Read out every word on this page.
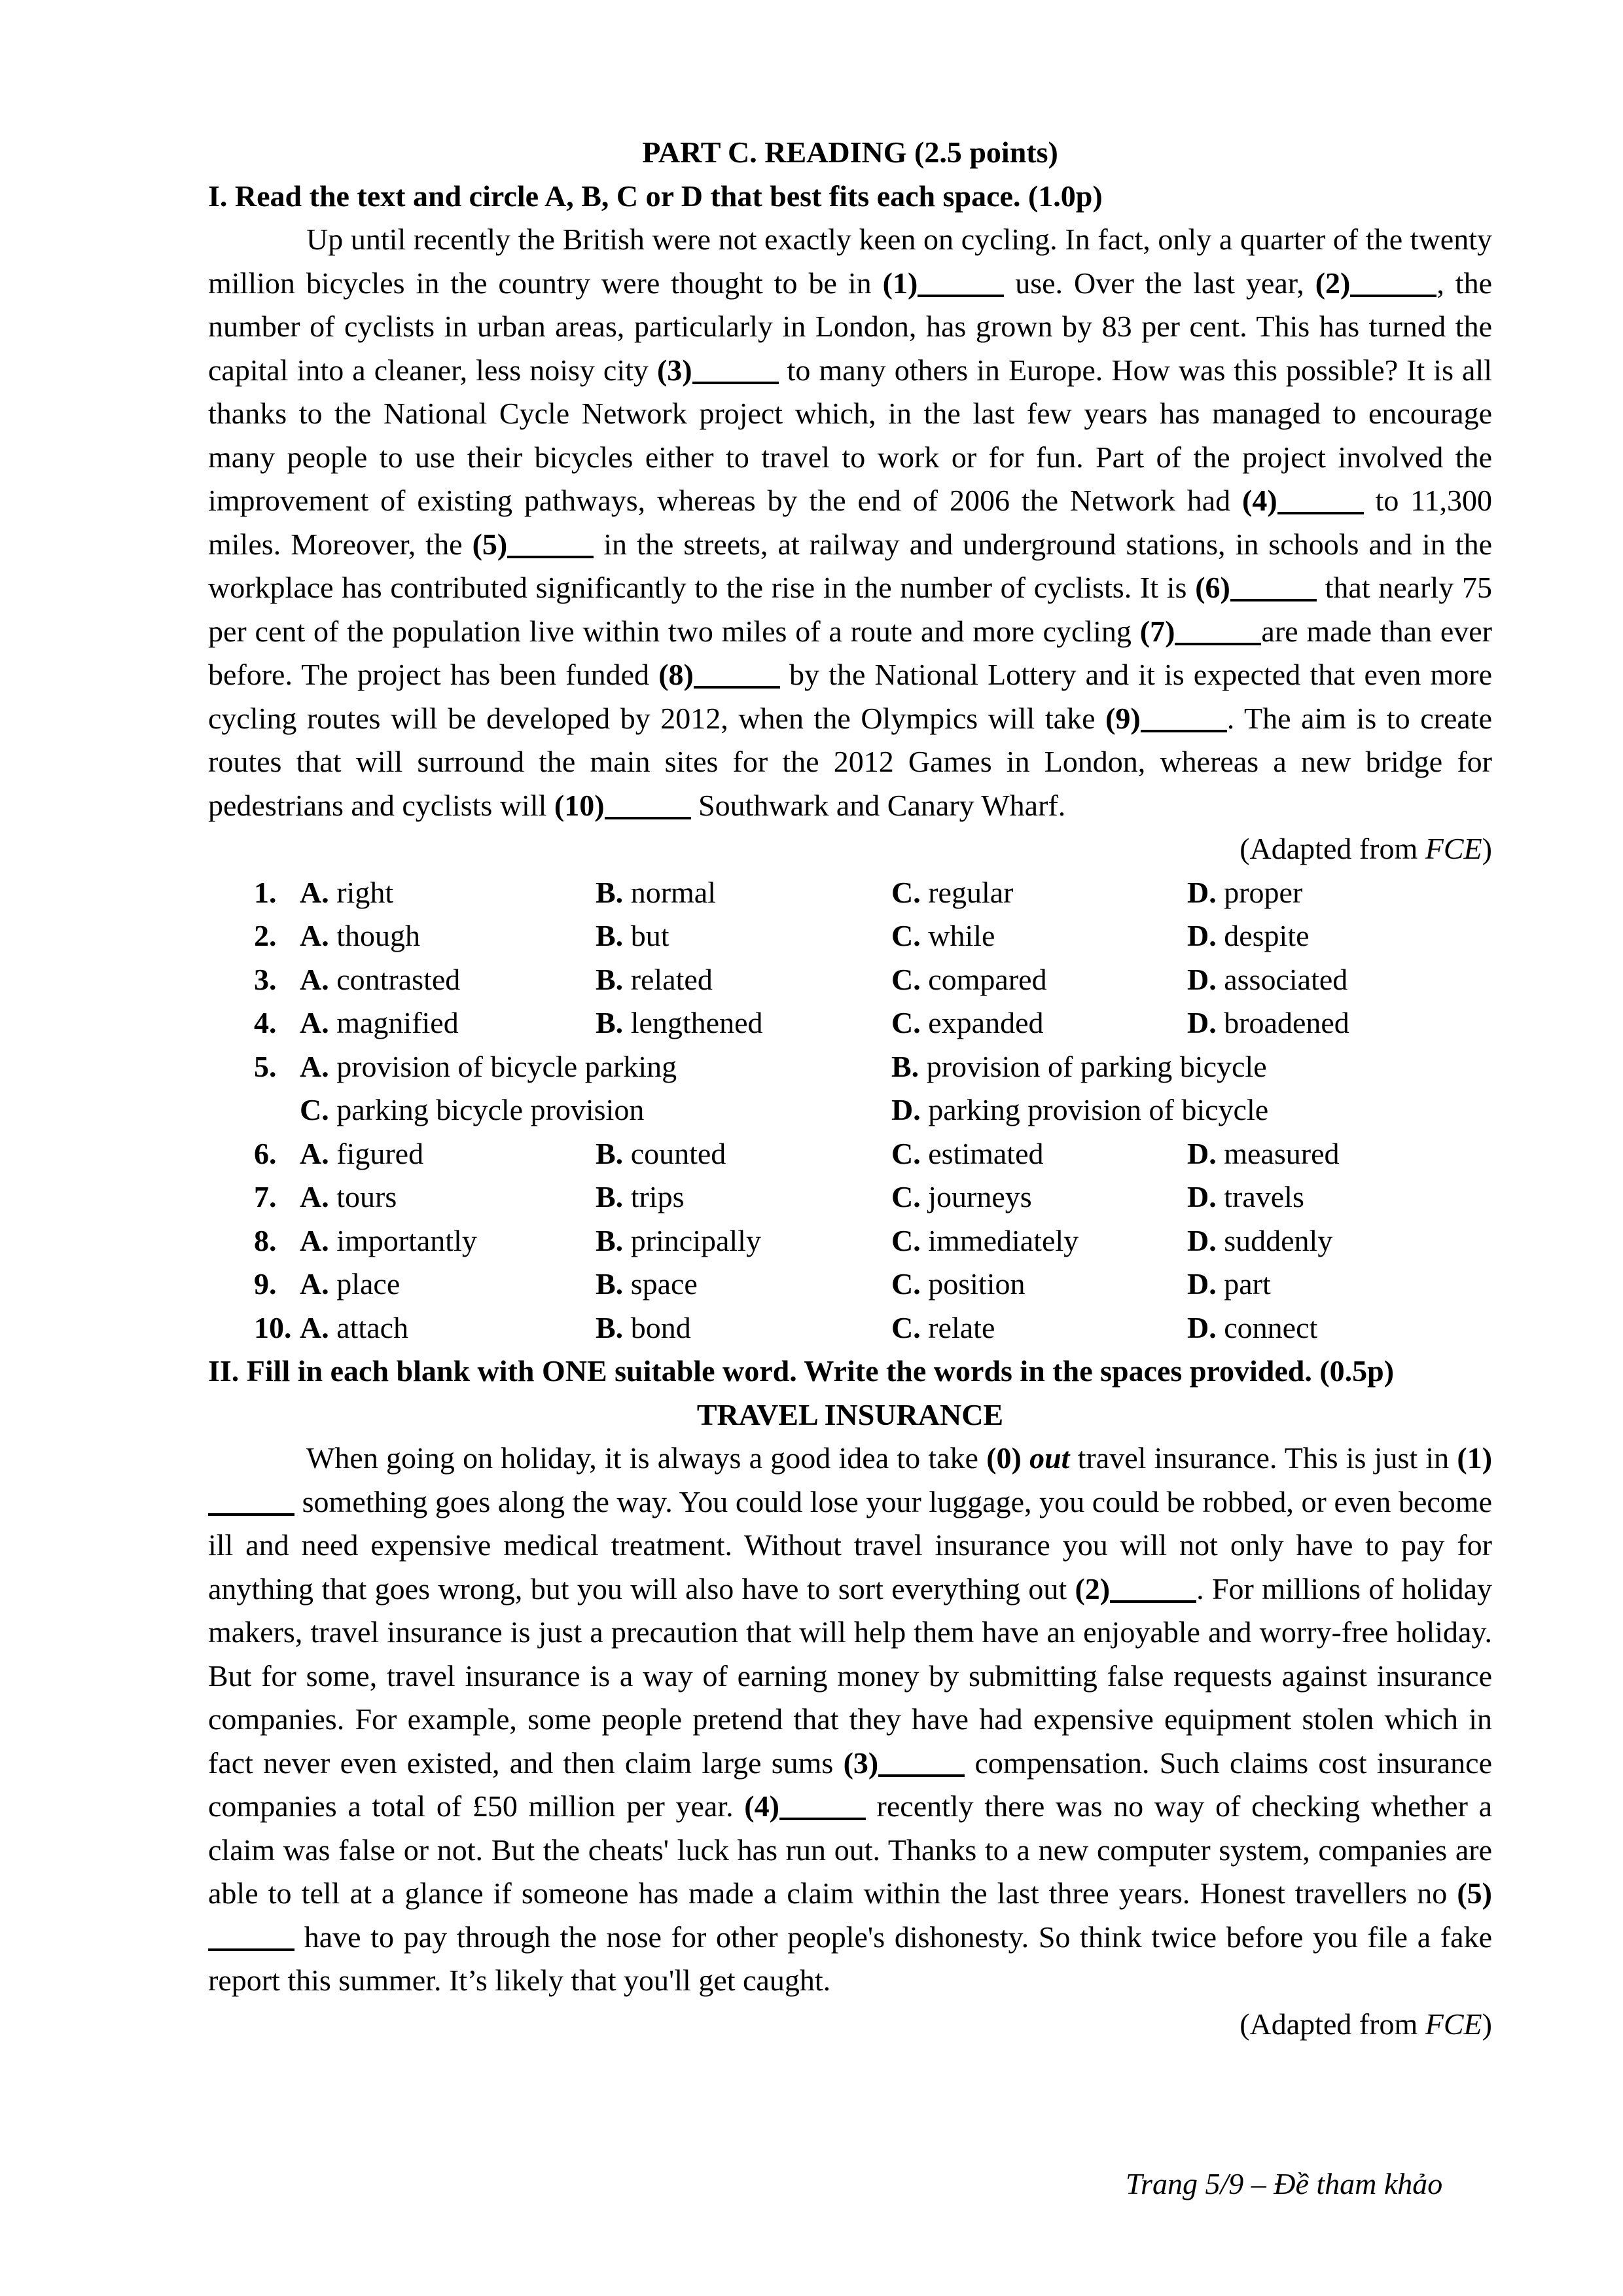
PART C. READING (2.5 points)
I. Read the text and circle A, B, C or D that best fits each space. (1.0p)
Up until recently the British were not exactly keen on cycling. In fact, only a quarter of the twenty million bicycles in the country were thought to be in (1)	use. Over the last year, (2)	, the number of cyclists in urban areas, particularly in London, has grown by 83 per cent. This has turned the capital into a cleaner, less noisy city (3)	to many others in Europe. How was this possible? It is all thanks to the National Cycle Network project which, in the last few years has managed to encourage many people to use their bicycles either to travel to work or for fun. Part of the project involved the improvement of existing pathways, whereas by the end of 2006 the Network had (4)	to 11,300 miles. Moreover, the (5)	in the streets, at railway and underground stations, in schools and in the workplace has contributed significantly to the rise in the number of cyclists. It is (6)	that nearly 75 per cent of the population live within two miles of a route and more cycling (7)	are made than ever before. The project has been funded (8)	by the National Lottery and it is expected that even more cycling routes will be developed by 2012, when the Olympics will take (9)	. The aim is to create routes that will surround the main sites for the 2012 Games in London, whereas a new bridge for pedestrians and cyclists will (10)	Southwark and Canary Wharf.
(Adapted from FCE)
1. A. right	B. normal	C. regular	D. proper
2. A. though	B. but	C. while	D. despite
3. A. contrasted	B. related	C. compared	D. associated
4. A. magnified	B. lengthened	C. expanded	D. broadened
5. A. provision of bicycle parking	B. provision of parking bicycle
C. parking bicycle provision	D. parking provision of bicycle
6. A. figured	B. counted	C. estimated	D. measured
7. A. tours	B. trips	C. journeys	D. travels
8. A. importantly	B. principally	C. immediately	D. suddenly
9. A. place	B. space	C. position	D. part
10. A. attach	B. bond	C. relate	D. connect
II. Fill in each blank with ONE suitable word. Write the words in the spaces provided. (0.5p)
TRAVEL INSURANCE
When going on holiday, it is always a good idea to take (0) out travel insurance. This is just in (1) something goes along the way. You could lose your luggage, you could be robbed, or even become ill and need expensive medical treatment. Without travel insurance you will not only have to pay for anything that goes wrong, but you will also have to sort everything out (2)	. For millions of holiday makers, travel insurance is just a precaution that will help them have an enjoyable and worry-free holiday. But for some, travel insurance is a way of earning money by submitting false requests against insurance companies. For example, some people pretend that they have had expensive equipment stolen which in fact never even existed, and then claim large sums (3)	compensation. Such claims cost insurance companies a total of £50 million per year. (4)	recently there was no way of checking whether a claim was false or not. But the cheats' luck has run out. Thanks to a new computer system, companies are able to tell at a glance if someone has made a claim within the last three years. Honest travellers no (5) have to pay through the nose for other people's dishonesty. So think twice before you file a fake report this summer. It’s likely that you'll get caught.
(Adapted from FCE)
Trang 5/9 – Đề tham khảo
